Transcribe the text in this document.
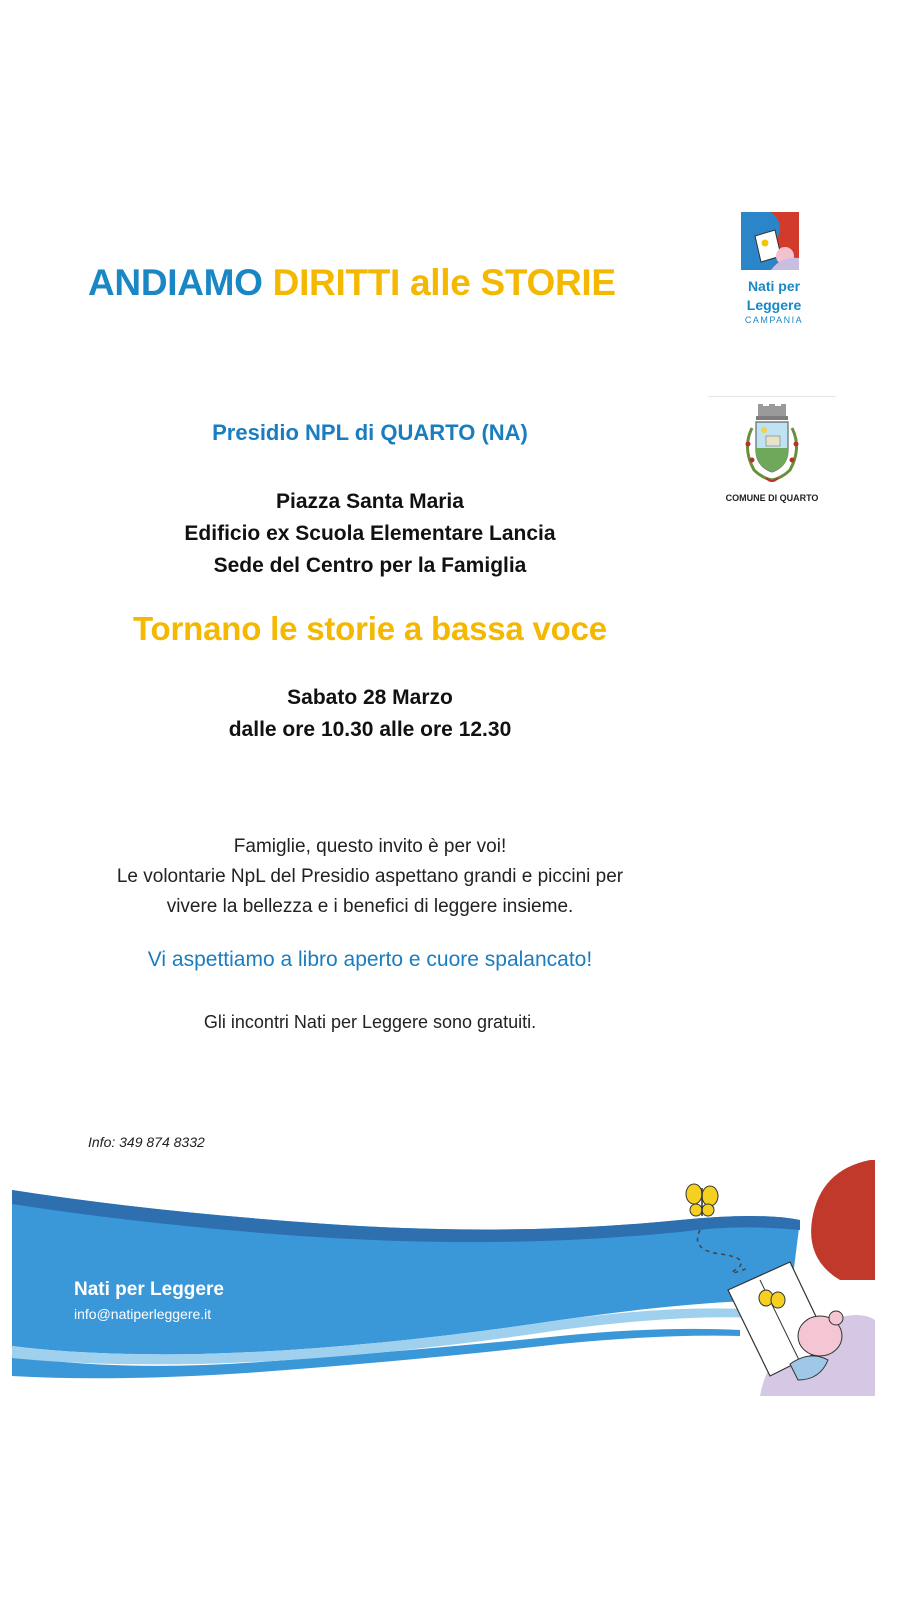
ANDIAMO DIRITTI alle STORIE	Nati per
Leggere
CAMPANIA
COMUNE DI QUARTO
Presidio NPL di QUARTO (NA)
Piazza Santa Maria
Edificio ex Scuola Elementare Lancia
Sede del Centro per la Famiglia
Tornano le storie a bassa voce
Sabato 28 Marzo
dalle ore 10.30 alle ore 12.30
Famiglie, questo invito è per voi!
Le volontarie NpL del Presidio aspettano grandi e piccini per
vivere la bellezza e i benefici di leggere insieme.
Vi aspettiamo a libro aperto e cuore spalancato!
Gli incontri Nati per Leggere sono gratuiti.
Info: 349 874 8332
Nati per Leggere
info@natiperleggere.it
